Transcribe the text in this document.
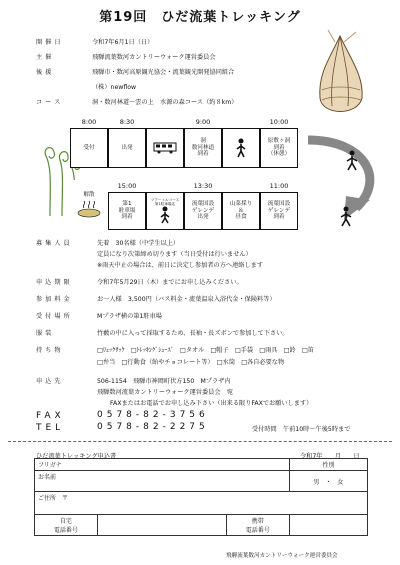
第19回　ひだ流葉トレッキング
開催日	令和7年6月1日（日）
主催	飛騨流葉数河カントリーウォーク運営委員会
後援	飛騨市・数河高原観光協会・流葉観光開発協同組合
（株）newflow
コース	洞・数河林道〜雲の上　水源の森コース（約８km）
8:00	8:30	9:00	10:00
受付	出発
洞
数河林道
到着
原敷ヶ洞
到着
（休憩）
15:00	13:30	11:00
解散
第1
駐車場
到着
ツアートルコース
第1駐車場迄	流葉国設
ゲレンデ
出発
山菜採り
＆
昼食
流葉国設
ゲレンデ
到着
募集人員	先着　30名様（中学生以上）
定員になり次第締め切ります（当日受付は行いません）
※雨天中止の場合は、前日に決定し参加者の方へ連絡します
申込期限	令和7年5月29日（木）までにお申し込みください。
参加料金	お一人様　3,500円（バス料金・流葉温泉入浴代金・保険料等）
受付場所	Mプラザ横の第1駐車場
服装	竹藪の中に入って採取するため、長袖・長ズボンで参加して下さい。
持ち物	□ﾘｭｯｸｻｯｸ　□ﾄﾚｯｷﾝｸﾞｼｭｰｽﾞ　□タオル　□帽子　□手袋　□雨具　□鈴　□笛
□弁当　□行動食（飴やチョコレート等）　□水筒　□各自必要な物
申込先	506-1154　飛騨市神岡町伏方150　Mプラザ内
飛騨数河流葉カントリーウォーク運営委員会　宛
FAXまたはお電話でお申し込み下さい（出来る限りFAXでお願いします）
FAX	0578-82-3756
TEL	0578-82-2275	受付時間　午前10時〜午後5時まで
ひだ流葉トレッキング申込書	令和7年　　月　　日
フリガナ			性別
お名前			男　・　女
ご住所　〒			
自宅
電話番号		携帯
電話番号	
飛騨流葉数河カントリーウォーク運営委員会
